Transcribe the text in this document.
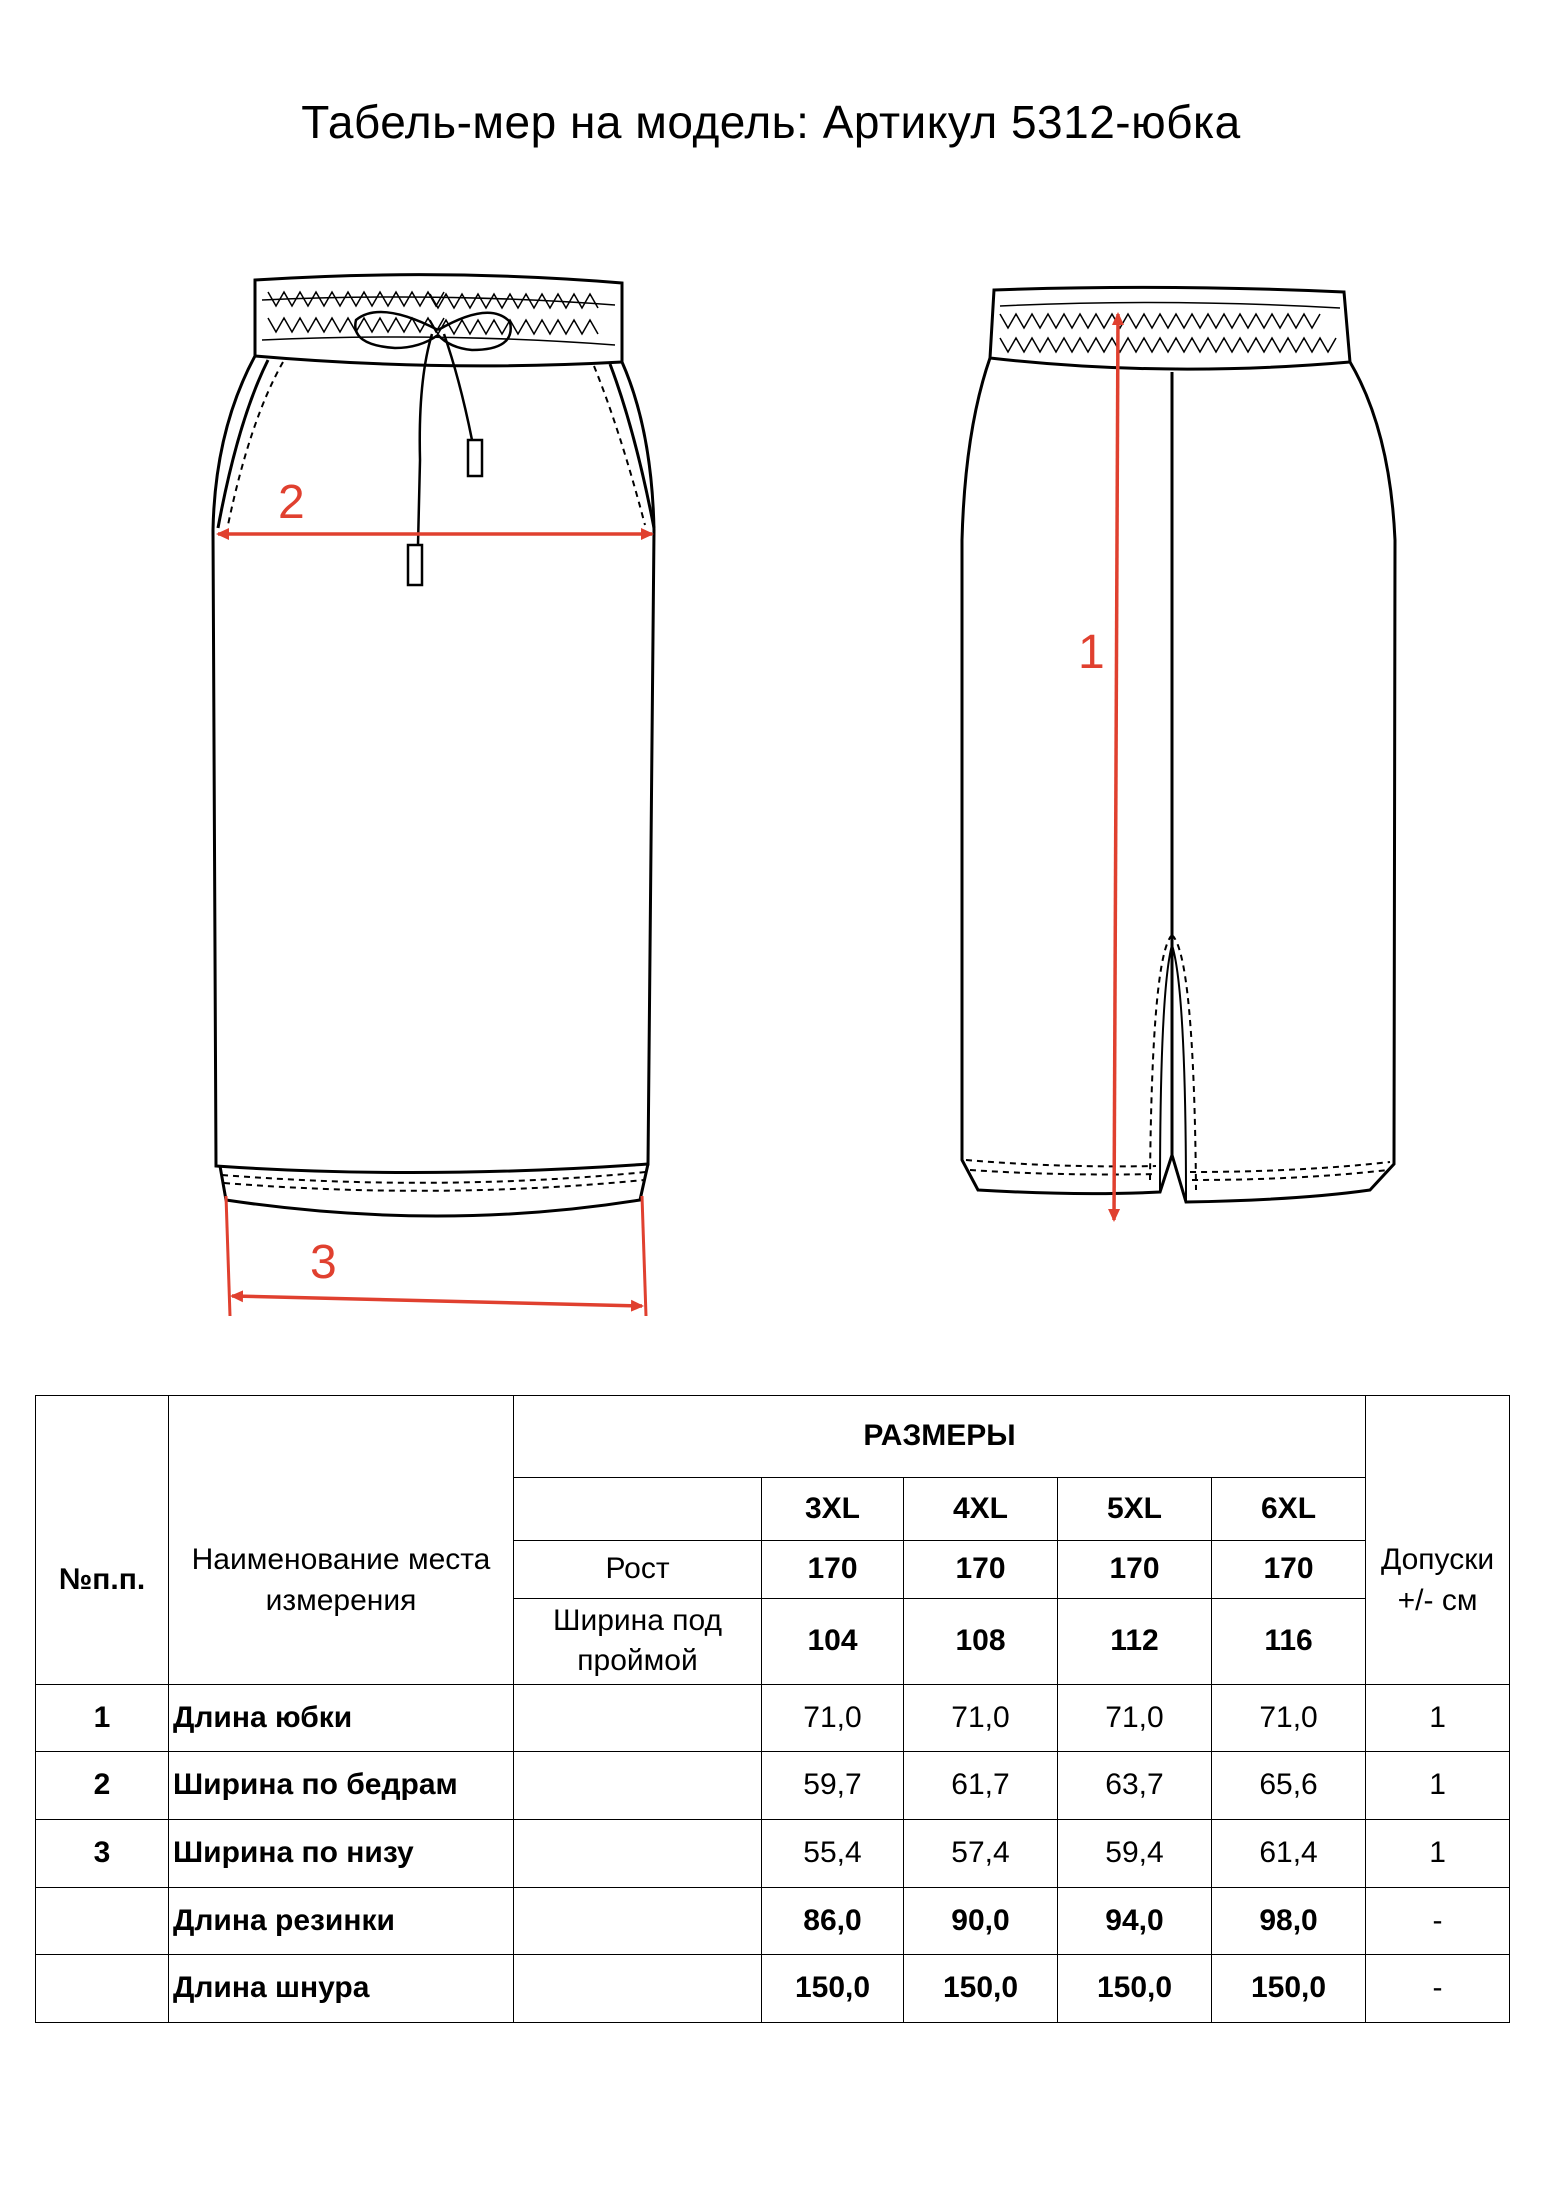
Табель-мер на модель: Артикул 5312-юбка
2
3
1
		РАЗМЕРЫ					
№п.п.	Наименование места измерения		3XL	4XL	5XL	6XL	Допуски +/- см
		Рост	170	170	170	170	
		Ширина под проймой	104	108	112	116	
1	Длина юбки		71,0	71,0	71,0	71,0	1
2	Ширина по бедрам		59,7	61,7	63,7	65,6	1
3	Ширина по низу		55,4	57,4	59,4	61,4	1
	Длина резинки		86,0	90,0	94,0	98,0	-
	Длина шнура		150,0	150,0	150,0	150,0	-
